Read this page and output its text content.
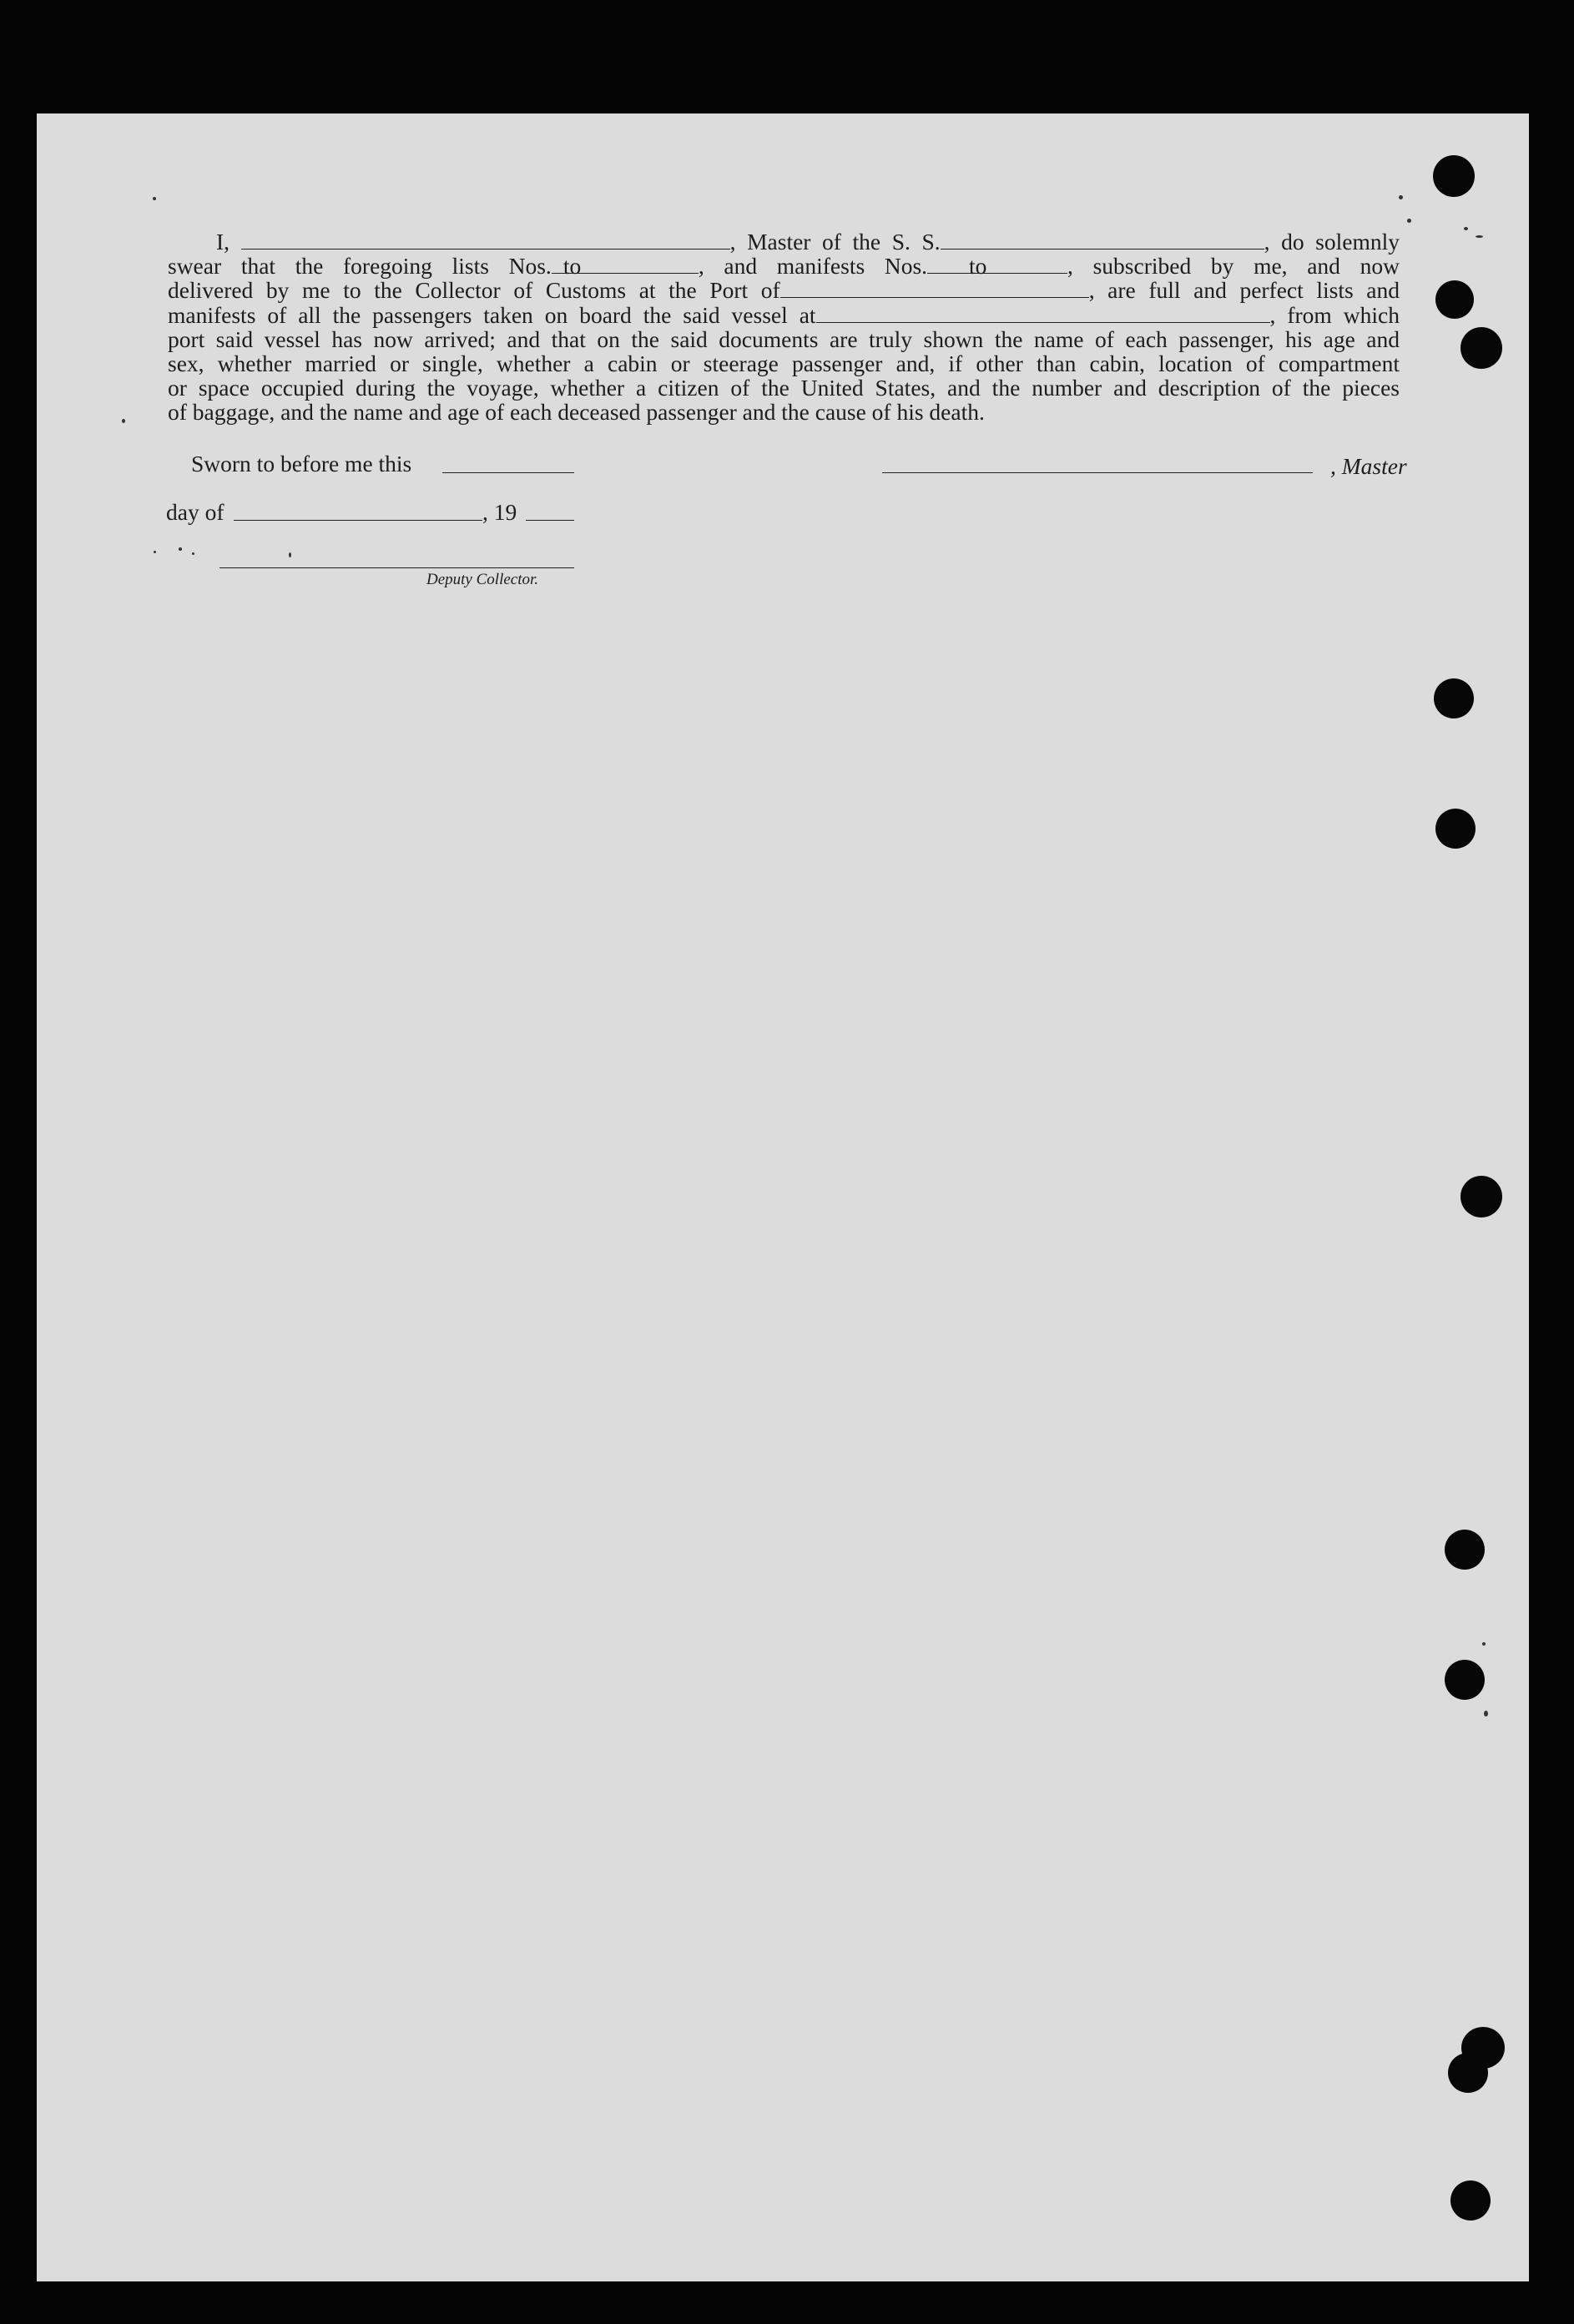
I,	, Master of the S. S.	, do solemnly

swear that the foregoing lists Nos. to	, and manifests Nos. to	, subscribed by me, and now

delivered by me to the Collector of Customs at the Port of	, are full and perfect lists and

manifests of all the passengers taken on board the said vessel at	, from which

port said vessel has now arrived; and that on the said documents are truly shown the name of each passenger, his age and

sex, whether married or single, whether a cabin or steerage passenger and, if other than cabin, location of compartment

or space occupied during the voyage, whether a citizen of the United States, and the number and description of the pieces

of baggage, and the name and age of each deceased passenger and the cause of his death.

Sworn to before me this	, Master
day of	, 19
Deputy Collector.
